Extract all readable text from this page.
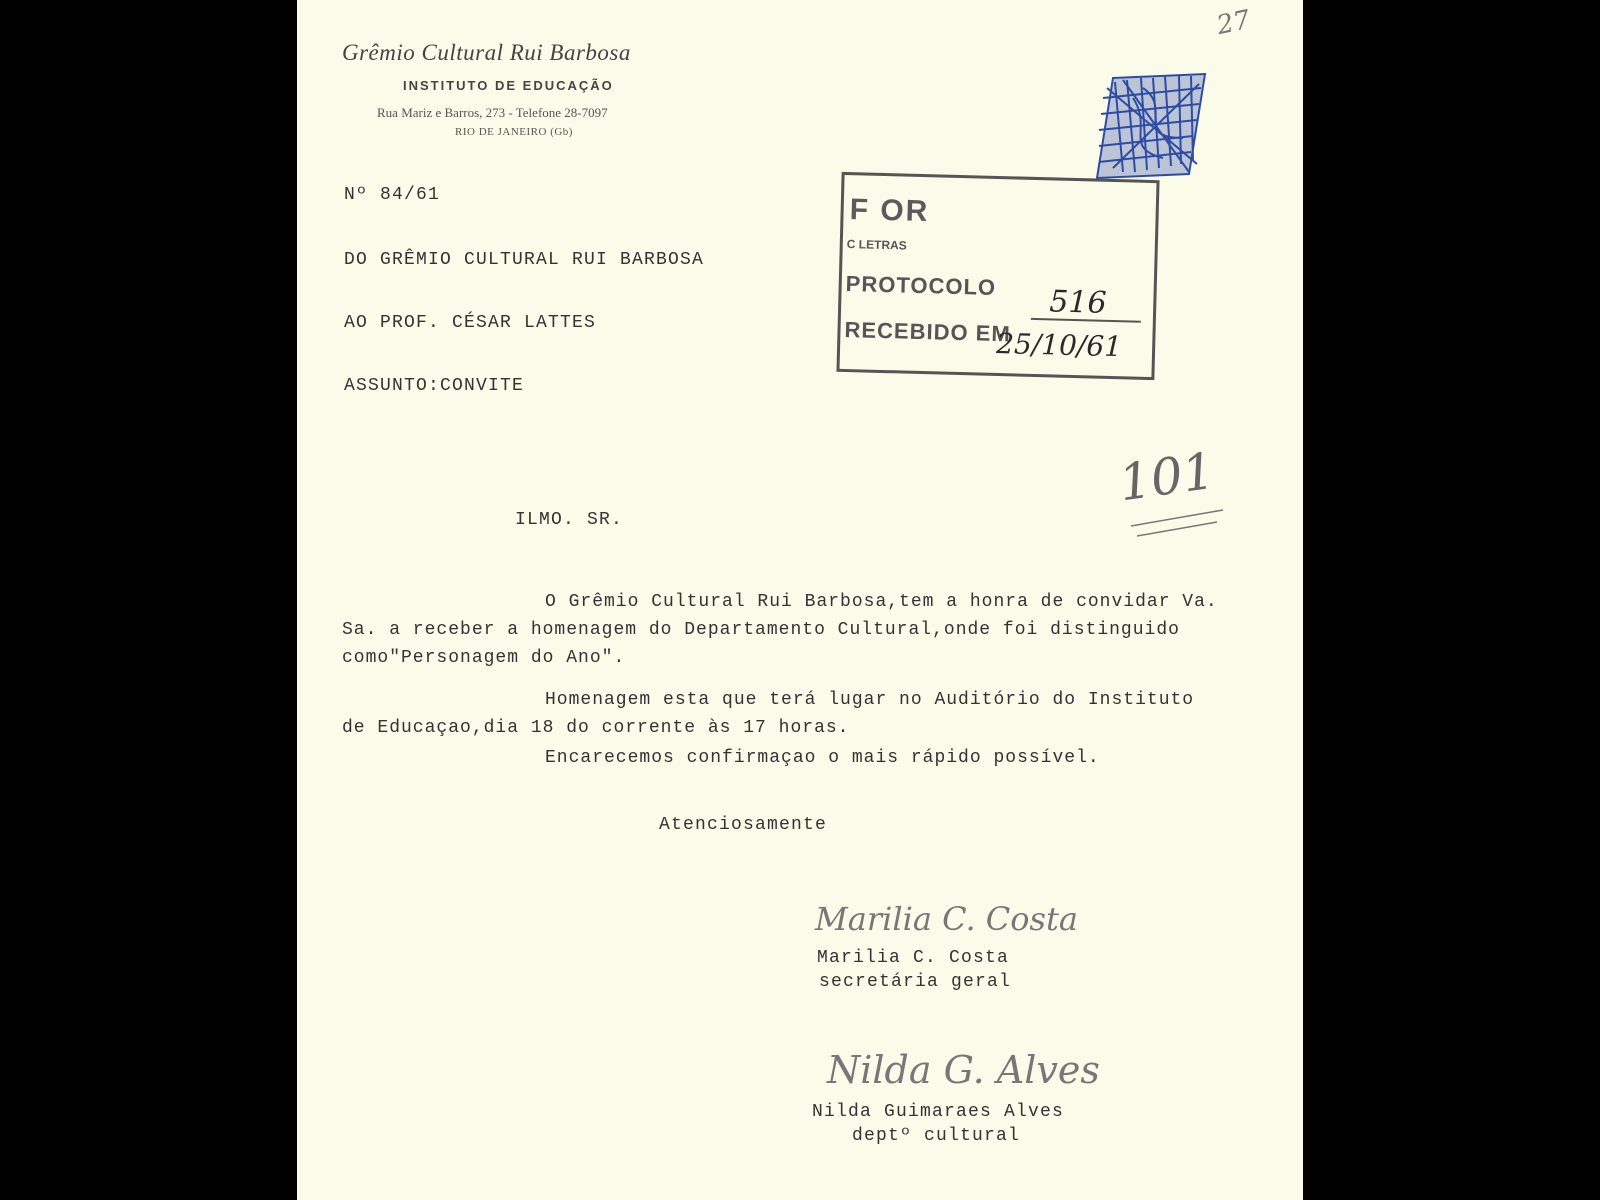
Grêmio Cultural Rui Barbosa
INSTITUTO DE EDUCAÇÃO
Rua Mariz e Barros, 273 - Telefone 28-7097
RIO DE JANEIRO (Gb)
27
Nº 84/61
DO GRÊMIO CULTURAL RUI BARBOSA
AO PROF. CÉSAR LATTES
ASSUNTO:CONVITE
F OR
C LETRAS
PROTOCOLO
RECEBIDO EM
516
25/10/61
101
ILMO. SR.
O Grêmio Cultural Rui Barbosa,tem a honra de convidar Va.
Sa. a receber a homenagem do Departamento Cultural,onde foi distinguido
como"Personagem do Ano".
Homenagem esta que terá lugar no Auditório do Instituto
de Educaçao,dia 18 do corrente às 17 horas.
Encarecemos confirmaçao o mais rápido possível.
Atenciosamente
Marilia C. Costa
Marilia C. Costa
secretária geral
Nilda G. Alves
Nilda Guimaraes Alves
deptº cultural
